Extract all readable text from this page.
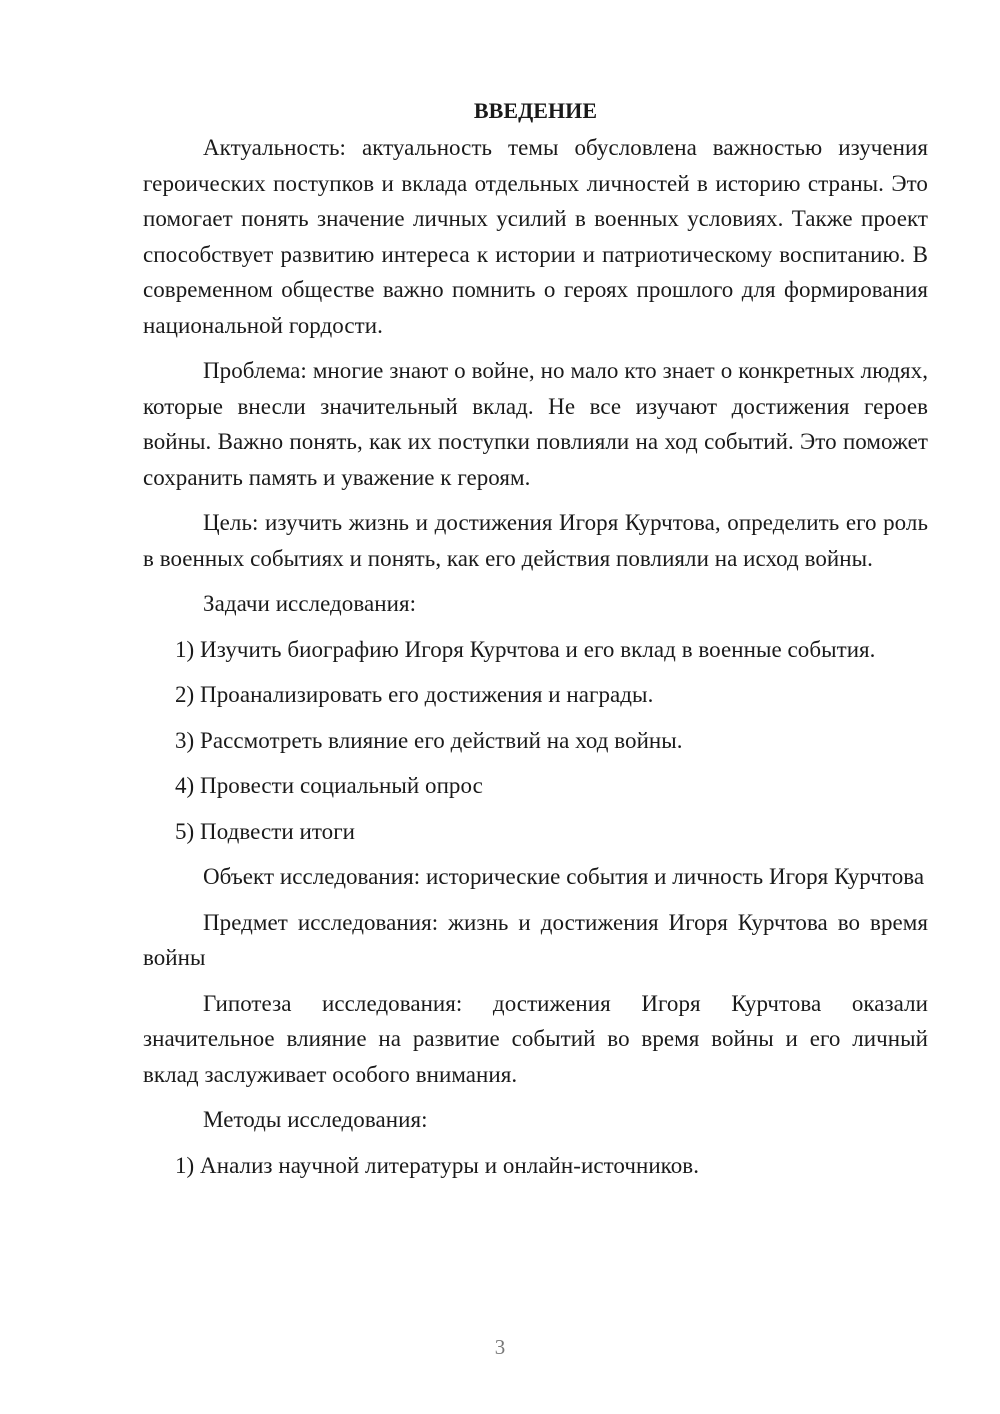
ВВЕДЕНИЕ

Актуальность: актуальность темы обусловлена важностью изучения героических поступков и вклада отдельных личностей в историю страны. Это помогает понять значение личных усилий в военных условиях. Также проект способствует развитию интереса к истории и патриотическому воспитанию. В современном обществе важно помнить о героях прошлого для формирования национальной гордости.

Проблема: многие знают о войне, но мало кто знает о конкретных людях, которые внесли значительный вклад. Не все изучают достижения героев войны. Важно понять, как их поступки повлияли на ход событий. Это поможет сохранить память и уважение к героям.

Цель: изучить жизнь и достижения Игоря Курчтова, определить его роль в военных событиях и понять, как его действия повлияли на исход войны.

Задачи исследования:

1) Изучить биографию Игоря Курчтова и его вклад в военные события.

2) Проанализировать его достижения и награды.

3) Рассмотреть влияние его действий на ход войны.

4) Провести социальный опрос

5) Подвести итоги

Объект исследования: исторические события и личность Игоря Курчтова

Предмет исследования: жизнь и достижения Игоря Курчтова во время войны

Гипотеза исследования: достижения Игоря Курчтова оказали значительное влияние на развитие событий во время войны и его личный вклад заслуживает особого внимания.

Методы исследования:

1) Анализ научной литературы и онлайн-источников.

3
